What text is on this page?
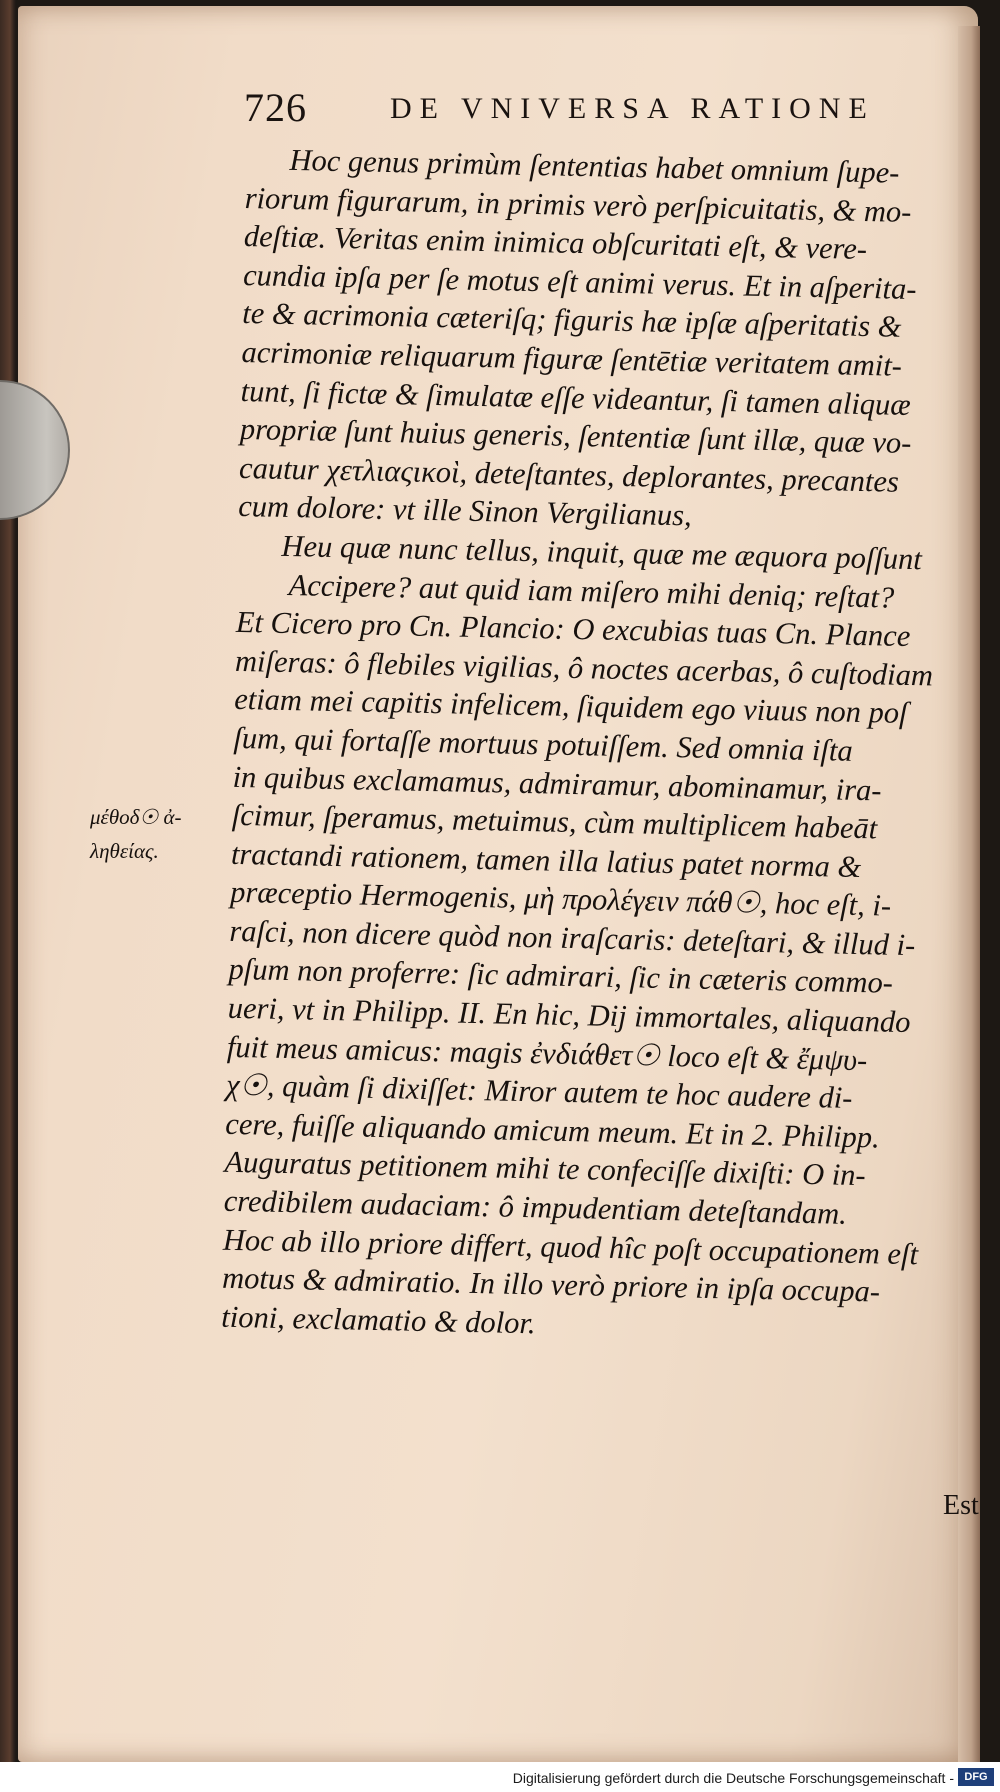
726	DE VNIVERSA RATIONE
μέθοδ☉ ἀ-
ληθείας.
Hoc genus primùm ſententias habet omnium ſupe-
riorum figurarum, in primis verò perſpicuitatis, & mo-
deſtiæ. Veritas enim inimica obſcuritati eſt, & vere-
cundia ipſa per ſe motus eſt animi verus. Et in aſperita-
te & acrimonia cæteriſq; figuris hæ ipſæ aſperitatis &
acrimoniæ reliquarum figuræ ſentētiæ veritatem amit-
tunt, ſi fictæ & ſimulatæ eſſe videantur, ſi tamen aliquæ
propriæ ſunt huius generis, ſententiæ ſunt illæ, quæ vo-
cautur χετλιαςικοὶ, deteſtantes, deplorantes, precantes
cum dolore: vt ille Sinon Vergilianus,
Heu quæ nunc tellus, inquit, quæ me æquora poſſunt
Accipere? aut quid iam miſero mihi deniq; reſtat?
Et Cicero pro Cn. Plancio: O excubias tuas Cn. Plance
miſeras: ô flebiles vigilias, ô noctes acerbas, ô cuſtodiam
etiam mei capitis infelicem, ſiquidem ego viuus non poſ
ſum, qui fortaſſe mortuus potuiſſem. Sed omnia iſta
in quibus exclamamus, admiramur, abominamur, ira-
ſcimur, ſperamus, metuimus, cùm multiplicem habeāt
tractandi rationem, tamen illa latius patet norma &
præceptio Hermogenis, μὴ προλέγειν πάθ☉, hoc eſt, i-
raſci, non dicere quòd non iraſcaris: deteſtari, & illud i-
pſum non proferre: ſic admirari, ſic in cæteris commo-
ueri, vt in Philipp. II. En hic, Dij immortales, aliquando
fuit meus amicus: magis ἐνδιάθετ☉ loco eſt & ἔμψυ-
χ☉, quàm ſi dixiſſet: Miror autem te hoc audere di-
cere, fuiſſe aliquando amicum meum. Et in 2. Philipp.
Auguratus petitionem mihi te confeciſſe dixiſti: O in-
credibilem audaciam: ô impudentiam deteſtandam.
Hoc ab illo priore differt, quod hîc poſt occupationem eſt
motus & admiratio. In illo verò priore in ipſa occupa-
tioni, exclamatio & dolor.
Est
Digitalisierung gefördert durch die Deutsche Forschungsgemeinschaft - DFG
